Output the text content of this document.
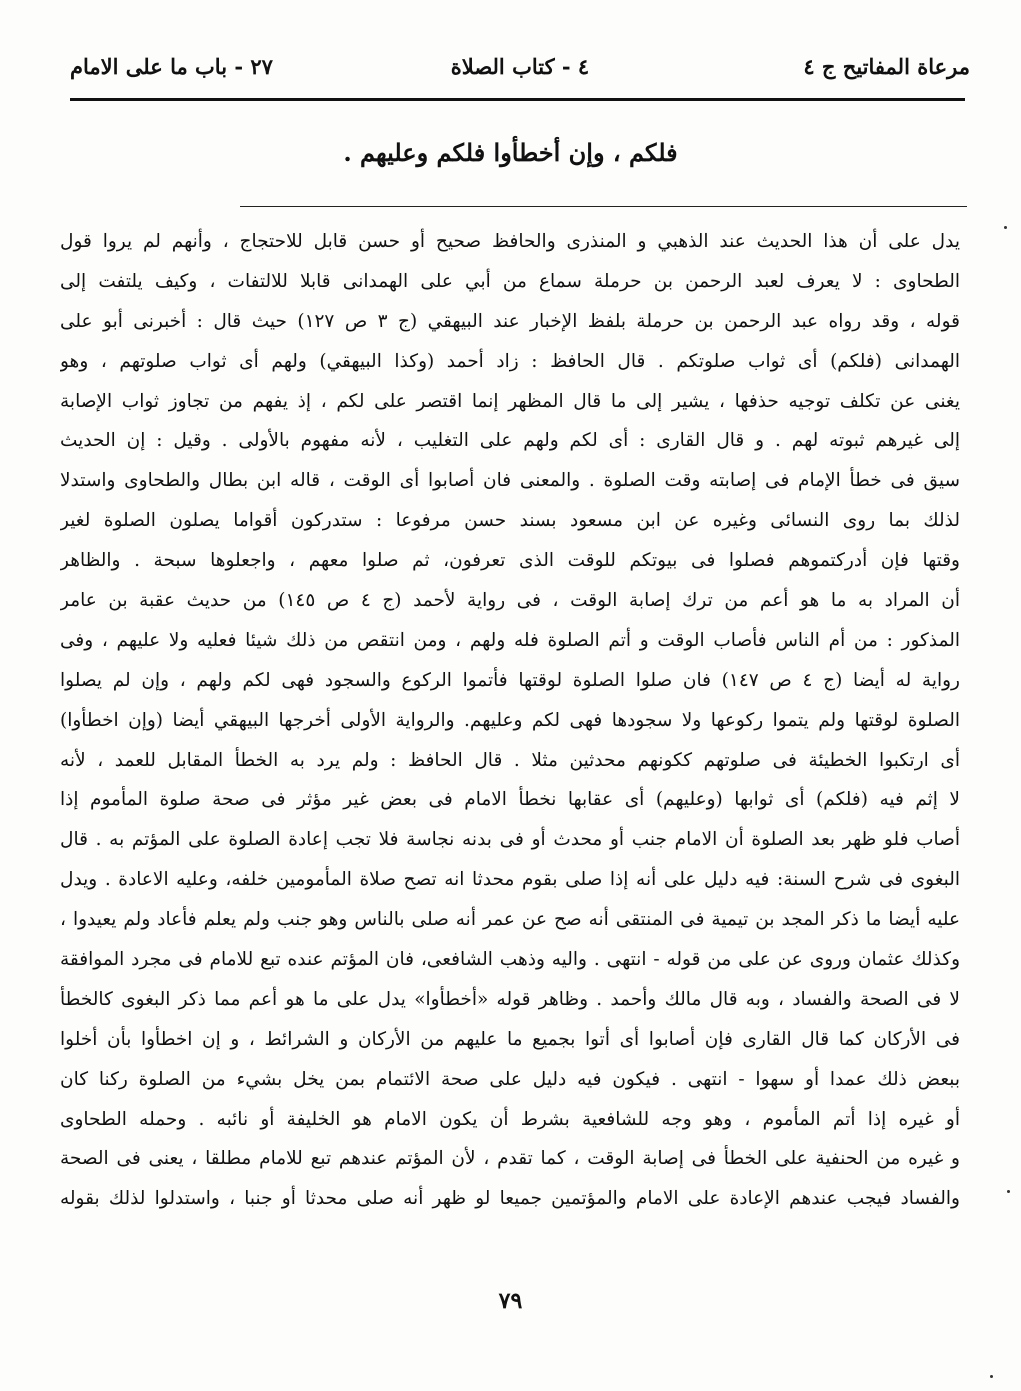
مرعاة المفاتيح ج ٤
٤ - كتاب الصلاة
٢٧ - باب ما على الامام
فلكم ، وإن أخطأوا فلكم وعليهم .
يدل على أن هذا الحديث عند الذهبي و المنذرى والحافظ صحيح أو حسن قابل للاحتجاج ، وأنهم لم يروا قول
الطحاوى : لا يعرف لعبد الرحمن بن حرملة سماع من أبي على الهمدانى قابلا للالتفات ، وكيف يلتفت إلى
قوله ، وقد رواه عبد الرحمن بن حرملة بلفظ الإخبار عند البيهقي (ج ٣ ص ١٢٧) حيث قال : أخبرنى أبو على
الهمدانى (فلكم) أى ثواب صلوتكم . قال الحافظ : زاد أحمد (وكذا البيهقي) ولهم أى ثواب صلوتهم ، وهو
يغنى عن تكلف توجيه حذفها ، يشير إلى ما قال المظهر إنما اقتصر على لكم ، إذ يفهم من تجاوز ثواب الإصابة
إلى غيرهم ثبوته لهم . و قال القارى : أى لكم ولهم على التغليب ، لأنه مفهوم بالأولى . وقيل : إن الحديث
سيق فى خطأ الإمام فى إصابته وقت الصلوة . والمعنى فان أصابوا أى الوقت ، قاله ابن بطال والطحاوى واستدلا
لذلك بما روى النسائى وغيره عن ابن مسعود بسند حسن مرفوعا : ستدركون أقواما يصلون الصلوة لغير
وقتها فإن أدركتموهم فصلوا فى بيوتكم للوقت الذى تعرفون، ثم صلوا معهم ، واجعلوها سبحة . والظاهر
أن المراد به ما هو أعم من ترك إصابة الوقت ، فى رواية لأحمد (ج ٤ ص ١٤٥) من حديث عقبة بن عامر
المذكور : من أم الناس فأصاب الوقت و أتم الصلوة فله ولهم ، ومن انتقص من ذلك شيئا فعليه ولا عليهم ، وفى
رواية له أيضا (ج ٤ ص ١٤٧) فان صلوا الصلوة لوقتها فأتموا الركوع والسجود فهى لكم ولهم ، وإن لم يصلوا
الصلوة لوقتها ولم يتموا ركوعها ولا سجودها فهى لكم وعليهم. والرواية الأولى أخرجها البيهقي أيضا (وإن اخطأوا)
أى ارتكبوا الخطيئة فى صلوتهم ككونهم محدثين مثلا . قال الحافظ : ولم يرد به الخطأ المقابل للعمد ، لأنه
لا إثم فيه (فلكم) أى ثوابها (وعليهم) أى عقابها نخطأ الامام فى بعض غير مؤثر فى صحة صلوة المأموم إذا
أصاب فلو ظهر بعد الصلوة أن الامام جنب أو محدث أو فى بدنه نجاسة فلا تجب إعادة الصلوة على المؤتم به . قال
البغوى فى شرح السنة: فيه دليل على أنه إذا صلى بقوم محدثا انه تصح صلاة المأمومين خلفه، وعليه الاعادة . ويدل
عليه أيضا ما ذكر المجد بن تيمية فى المنتقى أنه صح عن عمر أنه صلى بالناس وهو جنب ولم يعلم فأعاد ولم يعيدوا ،
وكذلك عثمان وروى عن على من قوله - انتهى . واليه وذهب الشافعى، فان المؤتم عنده تبع للامام فى مجرد الموافقة
لا فى الصحة والفساد ، وبه قال مالك وأحمد . وظاهر قوله «أخطأوا» يدل على ما هو أعم مما ذكر البغوى كالخطأ
فى الأركان كما قال القارى فإن أصابوا أى أتوا بجميع ما عليهم من الأركان و الشرائط ، و إن اخطأوا بأن أخلوا
ببعض ذلك عمدا أو سهوا - انتهى . فيكون فيه دليل على صحة الائتمام بمن يخل بشيء من الصلوة ركنا كان
أو غيره إذا أتم المأموم ، وهو وجه للشافعية بشرط أن يكون الامام هو الخليفة أو نائبه . وحمله الطحاوى
و غيره من الحنفية على الخطأ فى إصابة الوقت ، كما تقدم ، لأن المؤتم عندهم تبع للامام مطلقا ، يعنى فى الصحة
والفساد فيجب عندهم الإعادة على الامام والمؤتمين جميعا لو ظهر أنه صلى محدثا أو جنبا ، واستدلوا لذلك بقوله
٧٩
